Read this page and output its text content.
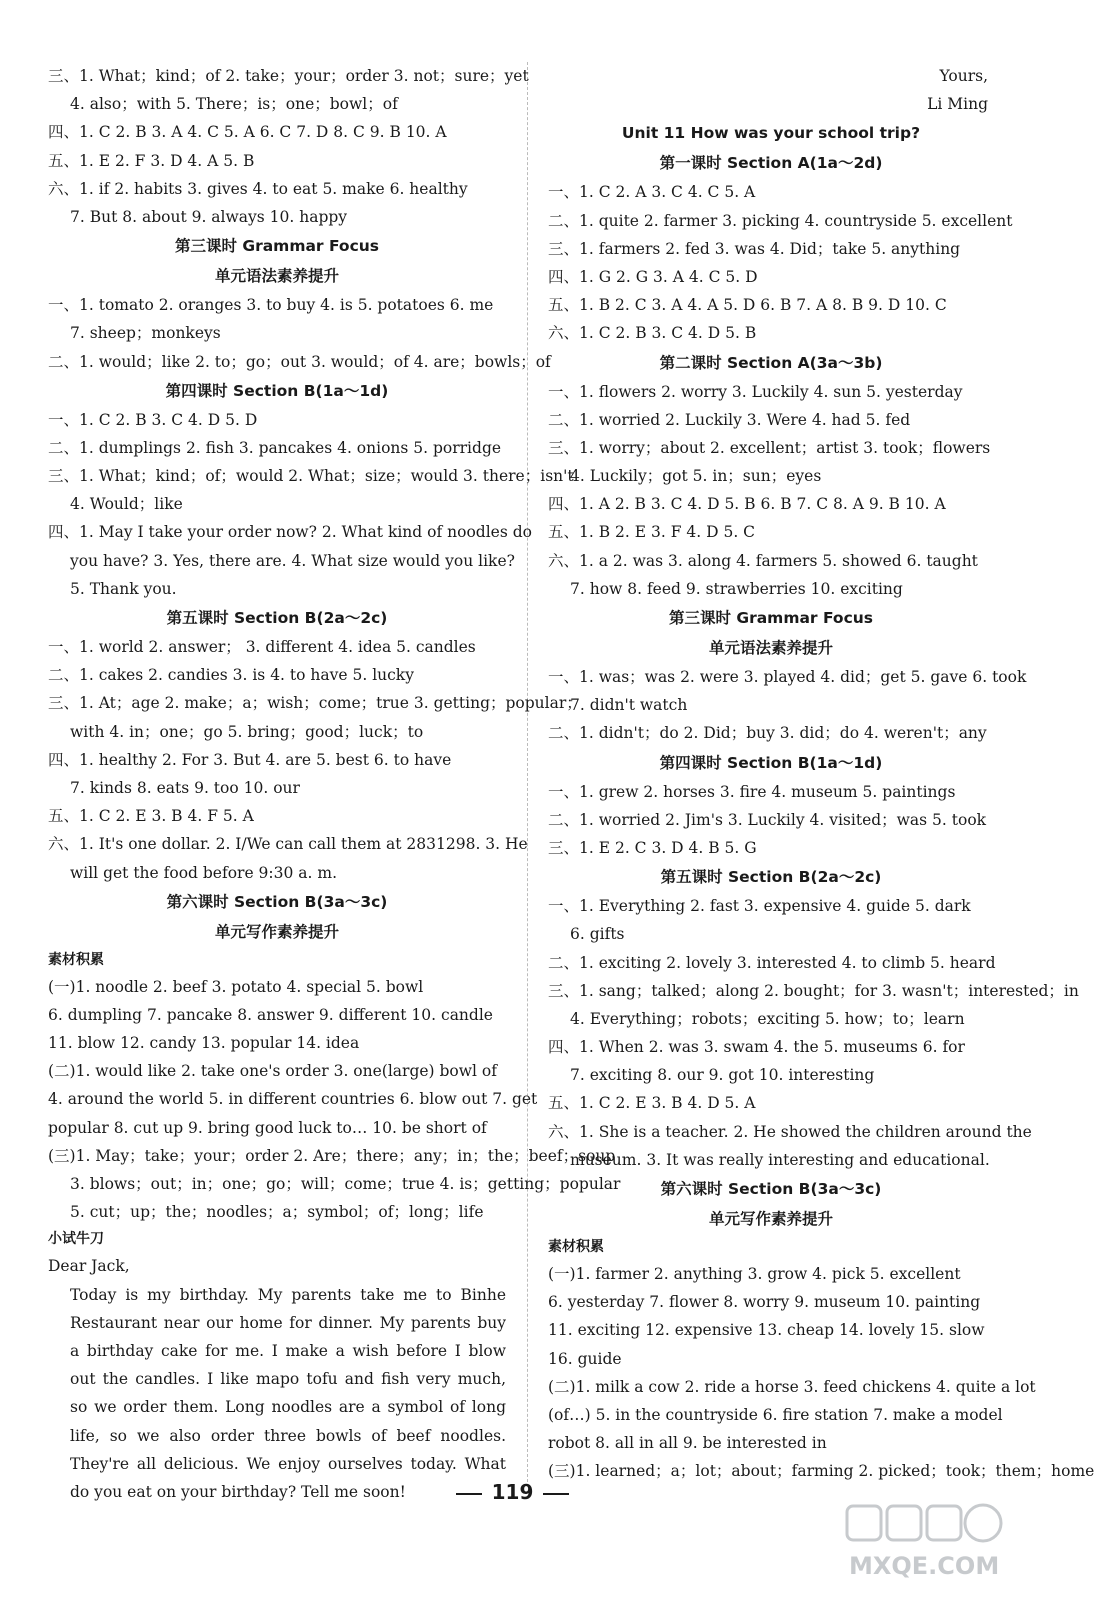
三、1. What；kind；of 2. take；your；order 3. not；sure；yet
4. also；with 5. There；is；one；bowl；of
四、1. C 2. B 3. A 4. C 5. A 6. C 7. D 8. C 9. B 10. A
五、1. E 2. F 3. D 4. A 5. B
六、1. if 2. habits 3. gives 4. to eat 5. make 6. healthy
7. But 8. about 9. always 10. happy
第三课时 Grammar Focus
单元语法素养提升
一、1. tomato 2. oranges 3. to buy 4. is 5. potatoes 6. me
7. sheep；monkeys
二、1. would；like 2. to；go；out 3. would；of 4. are；bowls；of
第四课时 Section B(1a～1d)
一、1. C 2. B 3. C 4. D 5. D
二、1. dumplings 2. fish 3. pancakes 4. onions 5. porridge
三、1. What；kind；of；would 2. What；size；would 3. there；isn't
4. Would；like
四、1. May I take your order now? 2. What kind of noodles do
you have? 3. Yes, there are. 4. What size would you like?
5. Thank you.
第五课时 Section B(2a～2c)
一、1. world 2. answer； 3. different 4. idea 5. candles
二、1. cakes 2. candies 3. is 4. to have 5. lucky
三、1. At；age 2. make；a；wish；come；true 3. getting；popular；
with 4. in；one；go 5. bring；good；luck；to
四、1. healthy 2. For 3. But 4. are 5. best 6. to have
7. kinds 8. eats 9. too 10. our
五、1. C 2. E 3. B 4. F 5. A
六、1. It's one dollar. 2. I/We can call them at 2831298. 3. He
will get the food before 9:30 a. m.
第六课时 Section B(3a～3c)
单元写作素养提升
素材积累
(一)1. noodle 2. beef 3. potato 4. special 5. bowl
6. dumpling 7. pancake 8. answer 9. different 10. candle
11. blow 12. candy 13. popular 14. idea
(二)1. would like 2. take one's order 3. one(large) bowl of
4. around the world 5. in different countries 6. blow out 7. get
popular 8. cut up 9. bring good luck to… 10. be short of
(三)1. May；take；your；order 2. Are；there；any；in；the；beef；soup
3. blows；out；in；one；go；will；come；true 4. is；getting；popular
5. cut；up；the；noodles；a；symbol；of；long；life
小试牛刀
Dear Jack,
Today is my birthday. My parents take me to Binhe Restaurant near our home for dinner. My parents buy a birthday cake for me. I make a wish before I blow out the candles. I like mapo tofu and fish very much, so we order them. Long noodles are a symbol of long life, so we also order three bowls of beef noodles. They're all delicious. We enjoy ourselves today. What do you eat on your birthday? Tell me soon!
Yours,
Li Ming
Unit 11 How was your school trip?
第一课时 Section A(1a～2d)
一、1. C 2. A 3. C 4. C 5. A
二、1. quite 2. farmer 3. picking 4. countryside 5. excellent
三、1. farmers 2. fed 3. was 4. Did；take 5. anything
四、1. G 2. G 3. A 4. C 5. D
五、1. B 2. C 3. A 4. A 5. D 6. B 7. A 8. B 9. D 10. C
六、1. C 2. B 3. C 4. D 5. B
第二课时 Section A(3a～3b)
一、1. flowers 2. worry 3. Luckily 4. sun 5. yesterday
二、1. worried 2. Luckily 3. Were 4. had 5. fed
三、1. worry；about 2. excellent；artist 3. took；flowers
4. Luckily；got 5. in；sun；eyes
四、1. A 2. B 3. C 4. D 5. B 6. B 7. C 8. A 9. B 10. A
五、1. B 2. E 3. F 4. D 5. C
六、1. a 2. was 3. along 4. farmers 5. showed 6. taught
7. how 8. feed 9. strawberries 10. exciting
第三课时 Grammar Focus
单元语法素养提升
一、1. was；was 2. were 3. played 4. did；get 5. gave 6. took
7. didn't watch
二、1. didn't；do 2. Did；buy 3. did；do 4. weren't；any
第四课时 Section B(1a～1d)
一、1. grew 2. horses 3. fire 4. museum 5. paintings
二、1. worried 2. Jim's 3. Luckily 4. visited；was 5. took
三、1. E 2. C 3. D 4. B 5. G
第五课时 Section B(2a～2c)
一、1. Everything 2. fast 3. expensive 4. guide 5. dark
6. gifts
二、1. exciting 2. lovely 3. interested 4. to climb 5. heard
三、1. sang；talked；along 2. bought；for 3. wasn't；interested；in
4. Everything；robots；exciting 5. how；to；learn
四、1. When 2. was 3. swam 4. the 5. museums 6. for
7. exciting 8. our 9. got 10. interesting
五、1. C 2. E 3. B 4. D 5. A
六、1. She is a teacher. 2. He showed the children around the
museum. 3. It was really interesting and educational.
第六课时 Section B(3a～3c)
单元写作素养提升
素材积累
(一)1. farmer 2. anything 3. grow 4. pick 5. excellent
6. yesterday 7. flower 8. worry 9. museum 10. painting
11. exciting 12. expensive 13. cheap 14. lovely 15. slow
16. guide
(二)1. milk a cow 2. ride a horse 3. feed chickens 4. quite a lot
(of…) 5. in the countryside 6. fire station 7. make a model
robot 8. all in all 9. be interested in
(三)1. learned；a；lot；about；farming 2. picked；took；them；home
119
MXQE.COM
